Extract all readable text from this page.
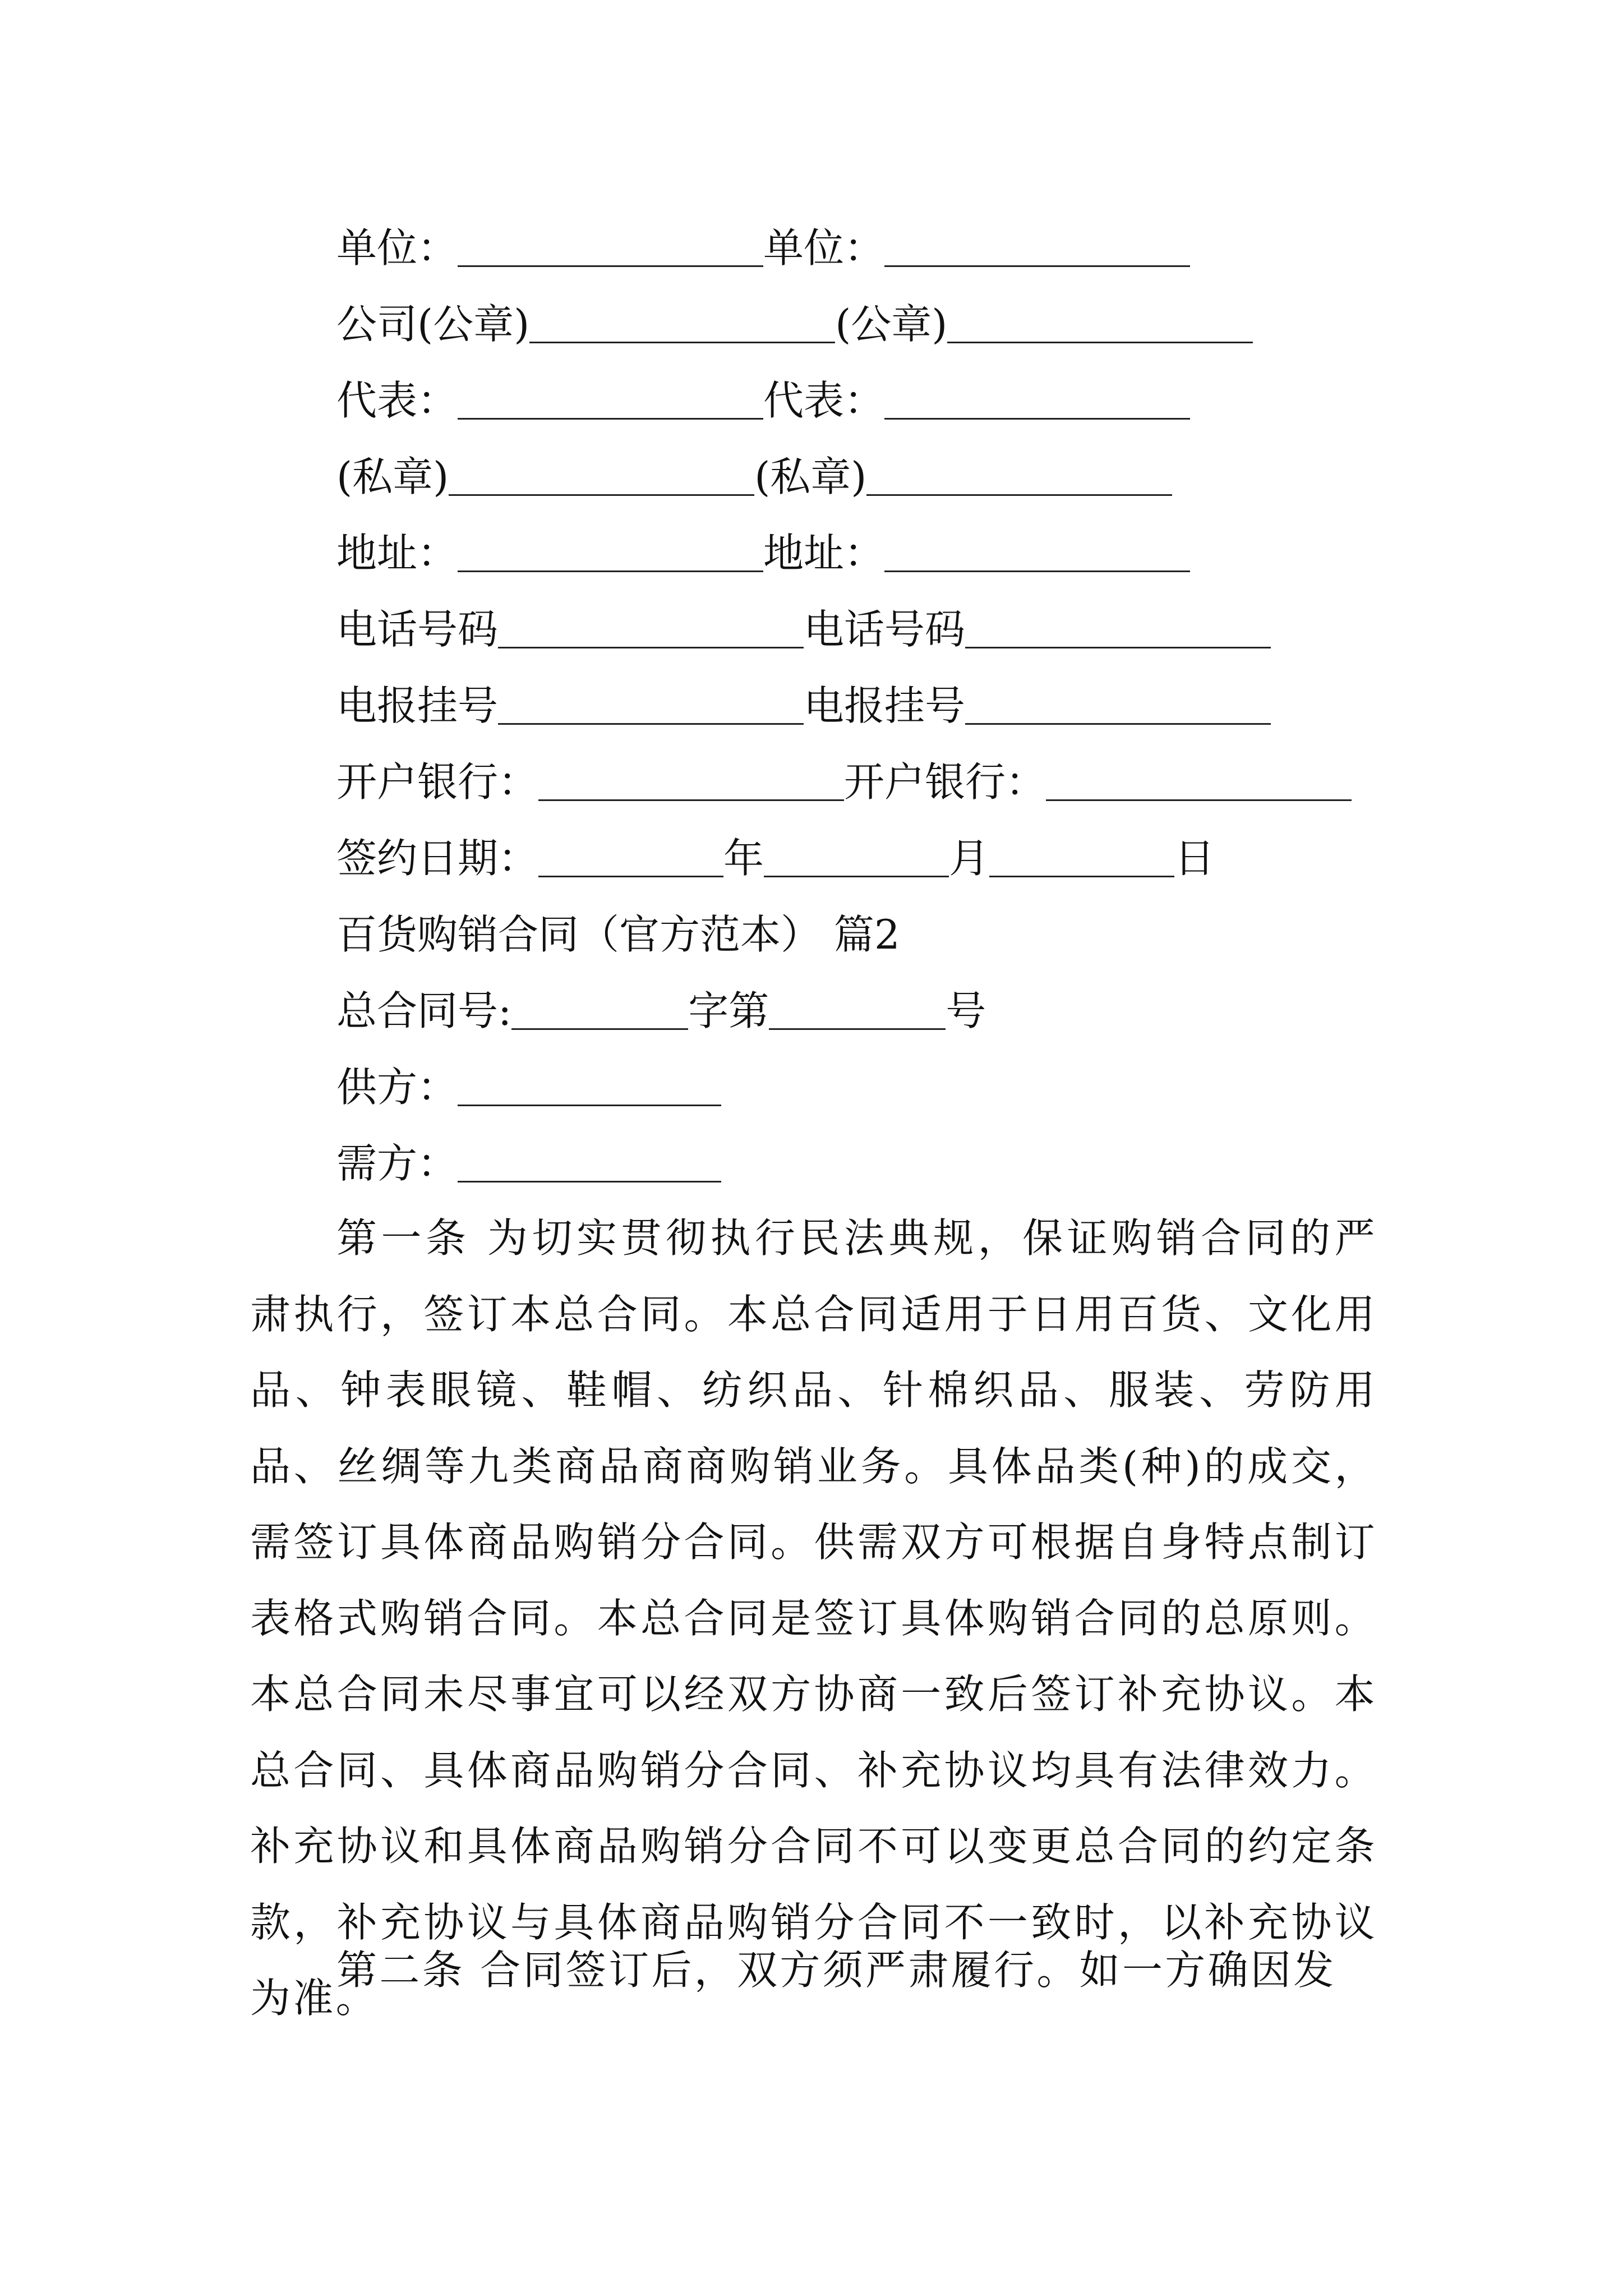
单位：	单位：
公司(公章)	(公章)
代表：	代表：
(私章)	(私章)
地址：	地址：
电话号码	电话号码
电报挂号	电报挂号
开户银行：	开户银行：
签约日期：	年	月	日
百货购销合同（官方范本） 篇2
总合同号:	字第	号
供方：
需方：

第一条 为切实贯彻执行民法典规，保证购销合同的严肃执行，签订本总合同。本总合同适用于日用百货、文化用品、钟表眼镜、鞋帽、纺织品、针棉织品、服装、劳防用品、丝绸等九类商品商商购销业务。具体品类(种)的成交，需签订具体商品购销分合同。供需双方可根据自身特点制订表格式购销合同。本总合同是签订具体购销合同的总原则。本总合同未尽事宜可以经双方协商一致后签订补充协议。本总合同、具体商品购销分合同、补充协议均具有法律效力。补充协议和具体商品购销分合同不可以变更总合同的约定条款，补充协议与具体商品购销分合同不一致时，以补充协议为准。

第二条 合同签订后，双方须严肃履行。如一方确因发
